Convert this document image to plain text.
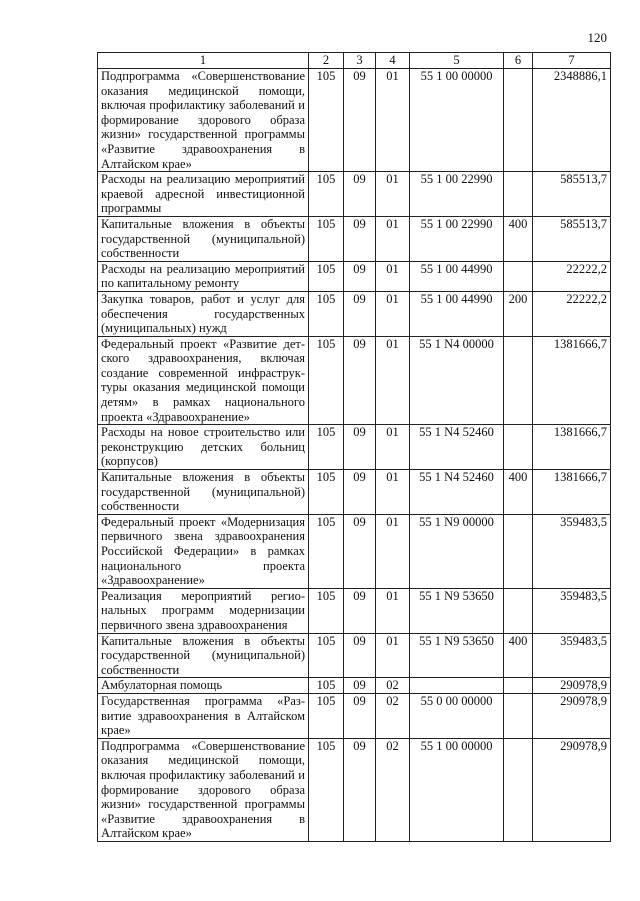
120
1	2	3	4	5	6	7
Подпрограмма «Совершенствование оказания медицинской помощи, включая профилактику заболеваний и формирование здорового образа жизни» государственной программы «Развитие здравоохранения в Алтайском крае»	105	09	01	55 1 00 00000		2348886,1
Расходы на реализацию мероприятий краевой адресной инвестиционной программы	105	09	01	55 1 00 22990		585513,7
Капитальные вложения в объекты государственной (муниципальной) собственности	105	09	01	55 1 00 22990	400	585513,7
Расходы на реализацию мероприятий по капитальному ремонту	105	09	01	55 1 00 44990		22222,2
Закупка товаров, работ и услуг для обеспечения государственных (муниципальных) нужд	105	09	01	55 1 00 44990	200	22222,2
Федеральный проект «Развитие детского здравоохранения, включая создание современной инфраструктуры оказания медицинской помощи детям» в рамках национального проекта «Здравоохранение»	105	09	01	55 1 N4 00000		1381666,7
Расходы на новое строительство или реконструкцию детских больниц (корпусов)	105	09	01	55 1 N4 52460		1381666,7
Капитальные вложения в объекты государственной (муниципальной) собственности	105	09	01	55 1 N4 52460	400	1381666,7
Федеральный проект «Модернизация первичного звена здравоохранения Российской Федерации» в рамках национального проекта «Здравоохранение»	105	09	01	55 1 N9 00000		359483,5
Реализация мероприятий региональных программ модернизации первичного звена здравоохранения	105	09	01	55 1 N9 53650		359483,5
Капитальные вложения в объекты государственной (муниципальной) собственности	105	09	01	55 1 N9 53650	400	359483,5
Амбулаторная помощь	105	09	02			290978,9
Государственная программа «Развитие здравоохранения в Алтайском крае»	105	09	02	55 0 00 00000		290978,9
Подпрограмма «Совершенствование оказания медицинской помощи, включая профилактику заболеваний и формирование здорового образа жизни» государственной программы «Развитие здравоохранения в Алтайском крае»	105	09	02	55 1 00 00000		290978,9
